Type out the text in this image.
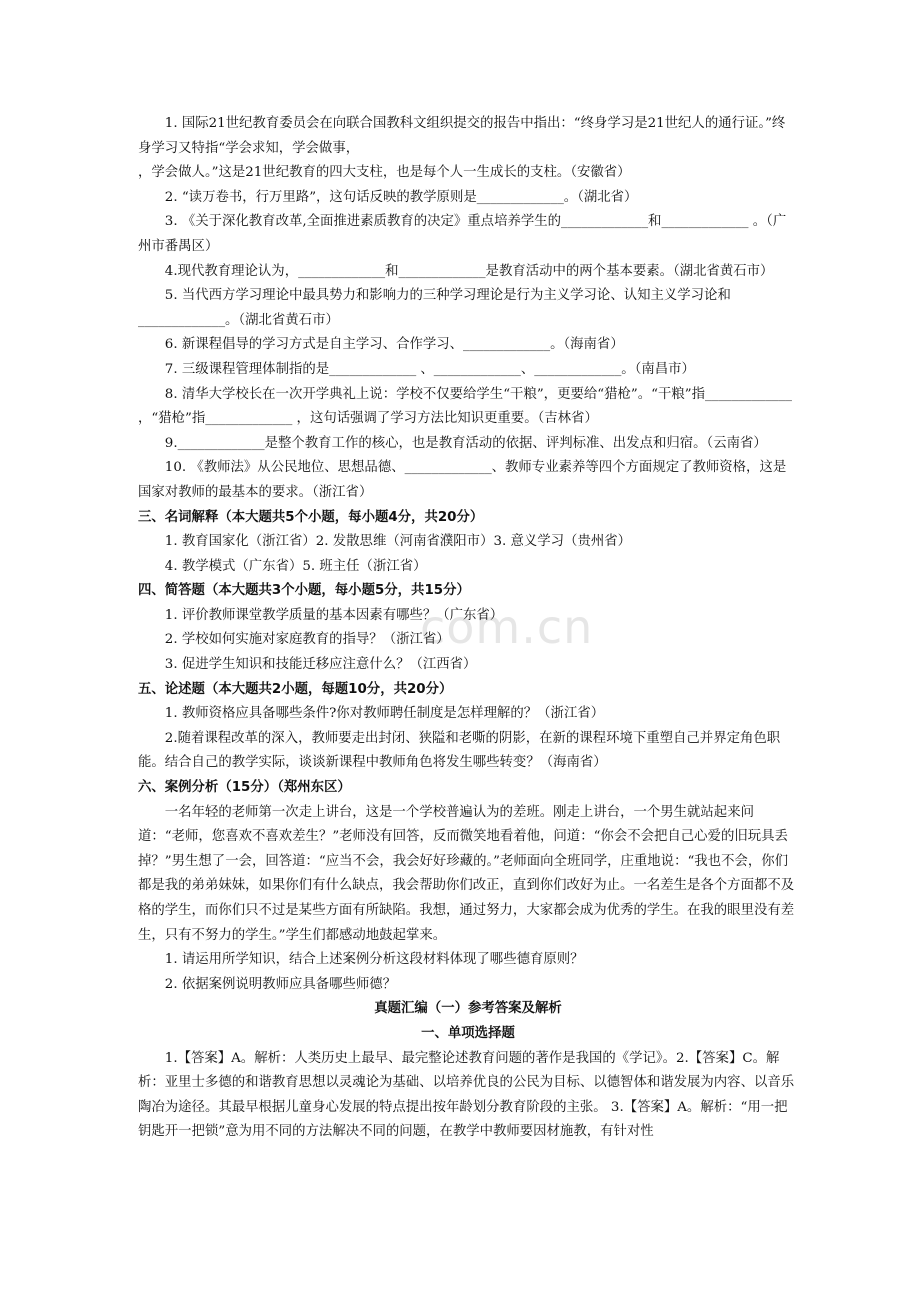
com.cn

1. 国际21世纪教育委员会在向联合国教科文组织提交的报告中指出：“终身学习是21世纪人的通行证。”终身学习又特指“学会求知，学会做事，

，学会做人。”这是21世纪教育的四大支柱，也是每个人一生成长的支柱。（安徽省）

2. “读万卷书，行万里路”，这句话反映的教学原则是_____________。（湖北省）

3. 《关于深化教育改革,全面推进素质教育的决定》重点培养学生的_____________和_____________ 。（广州市番禺区）

4.现代教育理论认为，_____________和_____________是教育活动中的两个基本要素。（湖北省黄石市）

5. 当代西方学习理论中最具势力和影响力的三种学习理论是行为主义学习论、认知主义学习论和_____________。（湖北省黄石市）

6. 新课程倡导的学习方式是自主学习、合作学习、_____________。（海南省）

7. 三级课程管理体制指的是_____________ 、_____________、_____________。（南昌市）

8. 清华大学校长在一次开学典礼上说：学校不仅要给学生“干粮”，更要给“猎枪”。“干粮”指_____________ ，“猎枪”指_____________ ，这句话强调了学习方法比知识更重要。（吉林省）

9._____________是整个教育工作的核心，也是教育活动的依据、评判标准、出发点和归宿。（云南省）

10. 《教师法》从公民地位、思想品德、_____________、教师专业素养等四个方面规定了教师资格，这是国家对教师的最基本的要求。（浙江省）

三、名词解释（本大题共5个小题，每小题4分，共20分）

1. 教育国家化（浙江省）2. 发散思维（河南省濮阳市）3. 意义学习（贵州省）

4. 教学模式（广东省）5. 班主任（浙江省）

四、简答题（本大题共3个小题，每小题5分，共15分）

1. 评价教师课堂教学质量的基本因素有哪些？（广东省）

2. 学校如何实施对家庭教育的指导？（浙江省）

3. 促进学生知识和技能迁移应注意什么？（江西省）

五、论述题（本大题共2小题，每题10分，共20分）

1. 教师资格应具备哪些条件?你对教师聘任制度是怎样理解的？（浙江省）

2.随着课程改革的深入，教师要走出封闭、狭隘和老嘶的阴影，在新的课程环境下重塑自己并界定角色职能。结合自己的教学实际，谈谈新课程中教师角色将发生哪些转变？（海南省）

六、案例分析（15分）（郑州东区）

一名年轻的老师第一次走上讲台，这是一个学校普遍认为的差班。刚走上讲台，一个男生就站起来问道：“老师，您喜欢不喜欢差生？”老师没有回答，反而微笑地看着他，问道：“你会不会把自己心爱的旧玩具丢掉？”男生想了一会，回答道：“应当不会，我会好好珍藏的。”老师面向全班同学，庄重地说：“我也不会，你们都是我的弟弟妹妹，如果你们有什么缺点，我会帮助你们改正，直到你们改好为止。一名差生是各个方面都不及格的学生，而你们只不过是某些方面有所缺陷。我想，通过努力，大家都会成为优秀的学生。在我的眼里没有差生，只有不努力的学生。”学生们都感动地鼓起掌来。

1. 请运用所学知识，结合上述案例分析这段材料体现了哪些德育原则？

2. 依据案例说明教师应具备哪些师德？

真题汇编（一）参考答案及解析

一、单项选择题

1.【答案】A。解析：人类历史上最早、最完整论述教育问题的著作是我国的《学记》。2.【答案】C。解析：亚里士多德的和谐教育思想以灵魂论为基础、以培养优良的公民为目标、以德智体和谐发展为内容、以音乐陶冶为途径。其最早根据儿童身心发展的特点提出按年龄划分教育阶段的主张。 3.【答案】A。解析：“用一把钥匙开一把锁”意为用不同的方法解决不同的问题，在教学中教师要因材施教，有针对性
